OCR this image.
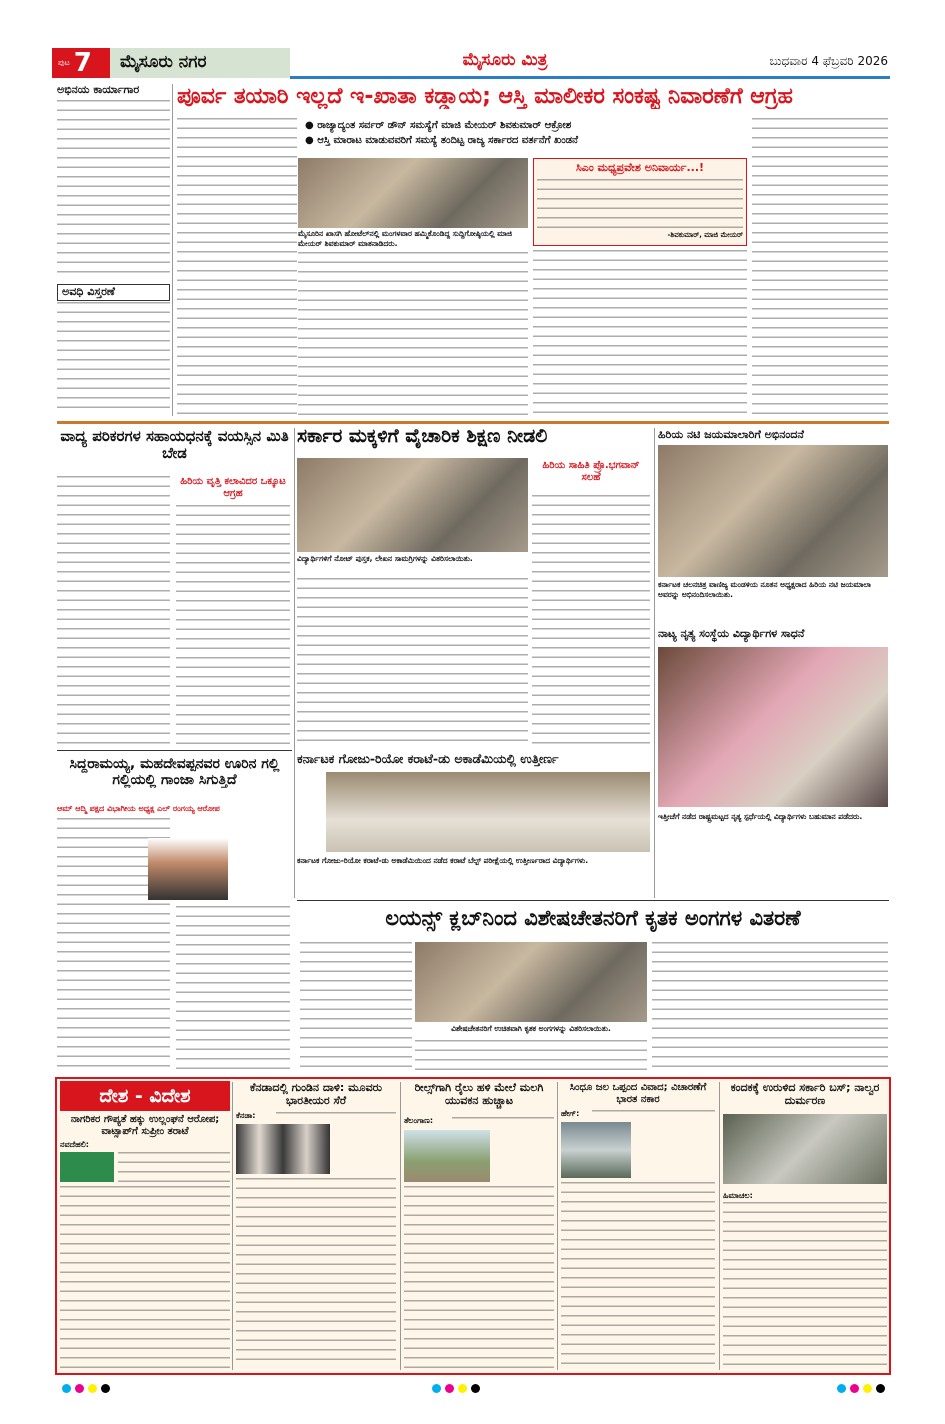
ಪುಟ 7	ಮೈಸೂರು ನಗರ	ಮೈಸೂರು ಮಿತ್ರ	ಬುಧವಾರ 4 ಫೆಬ್ರವರಿ 2026
ಅಭಿನಯ ಕಾರ್ಯಾಗಾರ
ಅವಧಿ ವಿಸ್ತರಣೆ
ಪೂರ್ವ ತಯಾರಿ ಇಲ್ಲದೆ ಇ-ಖಾತಾ ಕಡ್ಡಾಯ; ಆಸ್ತಿ ಮಾಲೀಕರ ಸಂಕಷ್ಟ ನಿವಾರಣೆಗೆ ಆಗ್ರಹ
● ರಾಜ್ಯಾದ್ಯಂತ ಸರ್ವರ್ ಡೌನ್ ಸಮಸ್ಯೆಗೆ ಮಾಜಿ ಮೇಯರ್ ಶಿವಕುಮಾರ್ ಆಕ್ರೋಶ
● ಆಸ್ತಿ ಮಾರಾಟ ಮಾಡುವವರಿಗೆ ಸಮಸ್ಯೆ ತಂದಿಟ್ಟ ರಾಜ್ಯ ಸರ್ಕಾರದ ವರ್ತನೆಗೆ ಖಂಡನೆ
ಮೈಸೂರಿನ ಖಾಸಗಿ ಹೋಟೆಲ್‌ನಲ್ಲಿ ಮಂಗಳವಾರ ಹಮ್ಮಿಕೊಂಡಿದ್ದ ಸುದ್ದಿಗೋಷ್ಠಿಯಲ್ಲಿ ಮಾಜಿ ಮೇಯರ್ ಶಿವಕುಮಾರ್ ಮಾತನಾಡಿದರು.
ಸಿಎಂ ಮಧ್ಯಪ್ರವೇಶ ಅನಿವಾರ್ಯ...!
-ಶಿವಕುಮಾರ್, ಮಾಜಿ ಮೇಯರ್
ವಾದ್ಯ ಪರಿಕರಗಳ ಸಹಾಯಧನಕ್ಕೆ ವಯಸ್ಸಿನ ಮಿತಿ ಬೇಡ
ಹಿರಿಯ ವೃತ್ತಿ ಕಲಾವಿದರ ಒಕ್ಕೂಟ ಆಗ್ರಹ
ಸರ್ಕಾರ ಮಕ್ಕಳಿಗೆ ವೈಚಾರಿಕ ಶಿಕ್ಷಣ ನೀಡಲಿ
ವಿದ್ಯಾರ್ಥಿಗಳಿಗೆ ನೋಟ್ ಪುಸ್ತಕ, ಲೇಖನ ಸಾಮಗ್ರಿಗಳನ್ನು ವಿತರಿಸಲಾಯಿತು.
ಹಿರಿಯ ಸಾಹಿತಿ ಪ್ರೊ.ಭಗವಾನ್ ಸಲಹೆ
ಕರ್ನಾಟಕ ಗೋಜು-ರಿಯೋ ಕರಾಟೆ-ಡು ಅಕಾಡೆಮಿಯಲ್ಲಿ ಉತ್ತೀರ್ಣ
ಕರ್ನಾಟಕ ಗೋಜು-ರಿಯೋ ಕರಾಟೆ-ಡು ಅಕಾಡೆಮಿಯಿಂದ ನಡೆದ ಕರಾಟೆ ಬೆಲ್ಟ್ ಪರೀಕ್ಷೆಯಲ್ಲಿ ಉತ್ತೀರ್ಣರಾದ ವಿದ್ಯಾರ್ಥಿಗಳು.
ಹಿರಿಯ ನಟಿ ಜಯಮಾಲಾರಿಗೆ ಅಭಿನಂದನೆ
ಕರ್ನಾಟಕ ಚಲನಚಿತ್ರ ವಾಣಿಜ್ಯ ಮಂಡಳಿಯ ನೂತನ ಅಧ್ಯಕ್ಷರಾದ ಹಿರಿಯ ನಟಿ ಜಯಮಾಲಾ ಅವರನ್ನು ಅಭಿನಂದಿಸಲಾಯಿತು.
ನಾಟ್ಯ ನೃತ್ಯ ಸಂಸ್ಥೆಯ ವಿದ್ಯಾರ್ಥಿಗಳ ಸಾಧನೆ
ಇತ್ತೀಚೆಗೆ ನಡೆದ ರಾಷ್ಟ್ರಮಟ್ಟದ ನೃತ್ಯ ಸ್ಪರ್ಧೆಯಲ್ಲಿ ವಿದ್ಯಾರ್ಥಿಗಳು ಬಹುಮಾನ ಪಡೆದರು.
ಸಿದ್ದರಾಮಯ್ಯ, ಮಹದೇವಪ್ಪನವರ ಊರಿನ ಗಲ್ಲಿ ಗಲ್ಲಿಯಲ್ಲಿ ಗಾಂಜಾ ಸಿಗುತ್ತಿದೆ
ಆಮ್ ಆದ್ಮಿ ಪಕ್ಷದ ವಿಭಾಗೀಯ ಅಧ್ಯಕ್ಷ ಎಲ್ ರಂಗಯ್ಯ ಆರೋಪ
ಲಯನ್ಸ್ ಕ್ಲಬ್‌ನಿಂದ ವಿಶೇಷಚೇತನರಿಗೆ ಕೃತಕ ಅಂಗಗಳ ವಿತರಣೆ
ವಿಶೇಷಚೇತನರಿಗೆ ಉಚಿತವಾಗಿ ಕೃತಕ ಅಂಗಗಳನ್ನು ವಿತರಿಸಲಾಯಿತು.
ದೇಶ - ವಿದೇಶ
ನಾಗರಿಕರ ಗೌಪ್ಯತೆ ಹಕ್ಕು ಉಲ್ಲಂಘನೆ ಆರೋಪ; ವಾಟ್ಸಾಪ್‌ಗೆ ಸುಪ್ರೀಂ ತರಾಟೆ
ನವದೆಹಲಿ:
ಕೆನಡಾದಲ್ಲಿ ಗುಂಡಿನ ದಾಳಿ: ಮೂವರು ಭಾರತೀಯರ ಸೆರೆ
ಕೆನಡಾ:
ರೀಲ್ಸ್‌ಗಾಗಿ ರೈಲು ಹಳಿ ಮೇಲೆ ಮಲಗಿ ಯುವಕನ ಹುಚ್ಚಾಟ
ತೆಲಂಗಾಣ:
ಸಿಂಧೂ ಜಲ ಒಪ್ಪಂದ ವಿವಾದ; ವಿಚಾರಣೆಗೆ ಭಾರತ ನಕಾರ
ಹೇಗ್:
ಕಂದಕಕ್ಕೆ ಉರುಳಿದ ಸರ್ಕಾರಿ ಬಸ್; ನಾಲ್ವರ ದುರ್ಮರಣ
ಹಿಮಾಚಲ:
